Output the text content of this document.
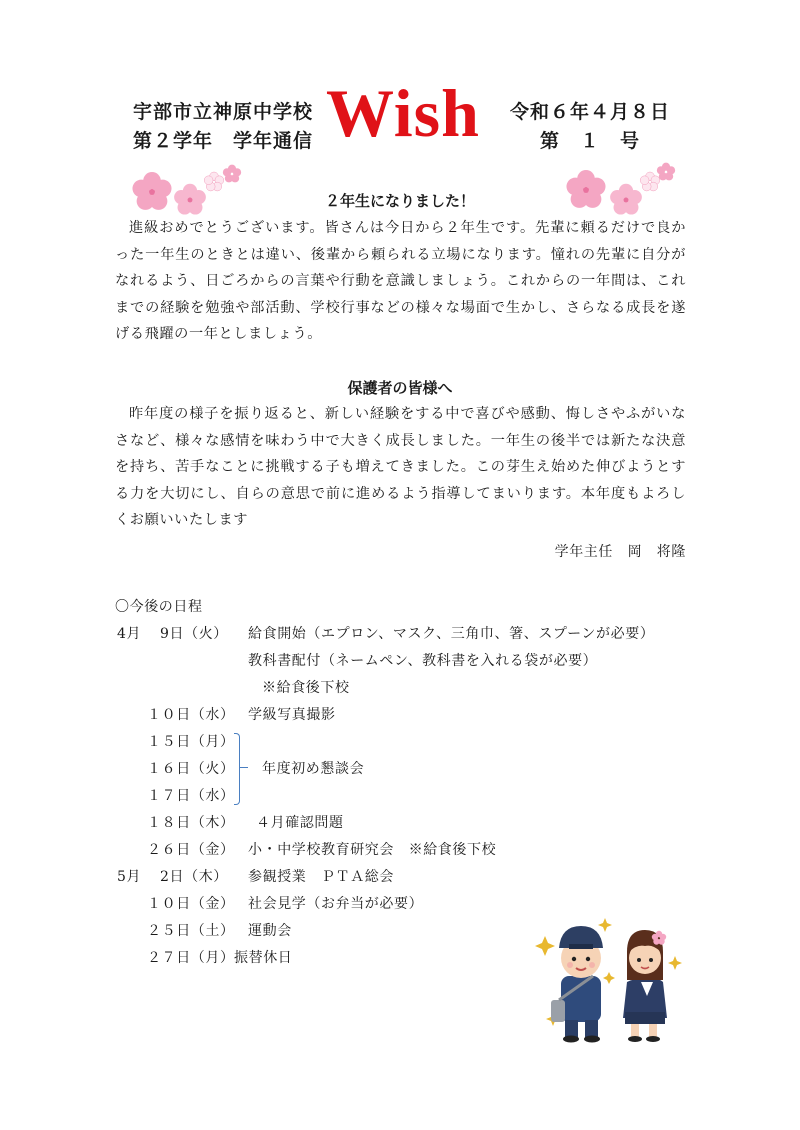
宇部市立神原中学校
第２学年　学年通信 Wish 令和６年４月８日
第　１　号
２年生になりました！
進級おめでとうございます。皆さんは今日から２年生です。先輩に頼るだけで良かった一年生のときとは違い、後輩から頼られる立場になります。憧れの先輩に自分がなれるよう、日ごろからの言葉や行動を意識しましょう。これからの一年間は、これまでの経験を勉強や部活動、学校行事などの様々な場面で生かし、さらなる成長を遂げる飛躍の一年としましょう。
保護者の皆様へ
昨年度の様子を振り返ると、新しい経験をする中で喜びや感動、悔しさやふがいなさなど、様々な感情を味わう中で大きく成長しました。一年生の後半では新たな決意を持ち、苦手なことに挑戦する子も増えてきました。この芽生え始めた伸びようとする力を大切にし、自らの意思で前に進めるよう指導してまいります。本年度もよろしくお願いいたします
学年主任　岡　将隆
〇今後の日程
4月 9日（火） 給食開始（エプロン、マスク、三角巾、箸、スプーンが必要）
教科書配付（ネームペン、教科書を入れる袋が必要）
※給食後下校
１０日（水） 学級写真撮影
１５日（月）
１６日（火） 年度初め懇談会
１７日（水）
１８日（木） ４月確認問題
２６日（金） 小・中学校教育研究会　※給食後下校
5月 2日（木） 参観授業　ＰＴＡ総会
１０日（金） 社会見学（お弁当が必要）
２５日（土） 運動会
２７日（月） 振替休日
